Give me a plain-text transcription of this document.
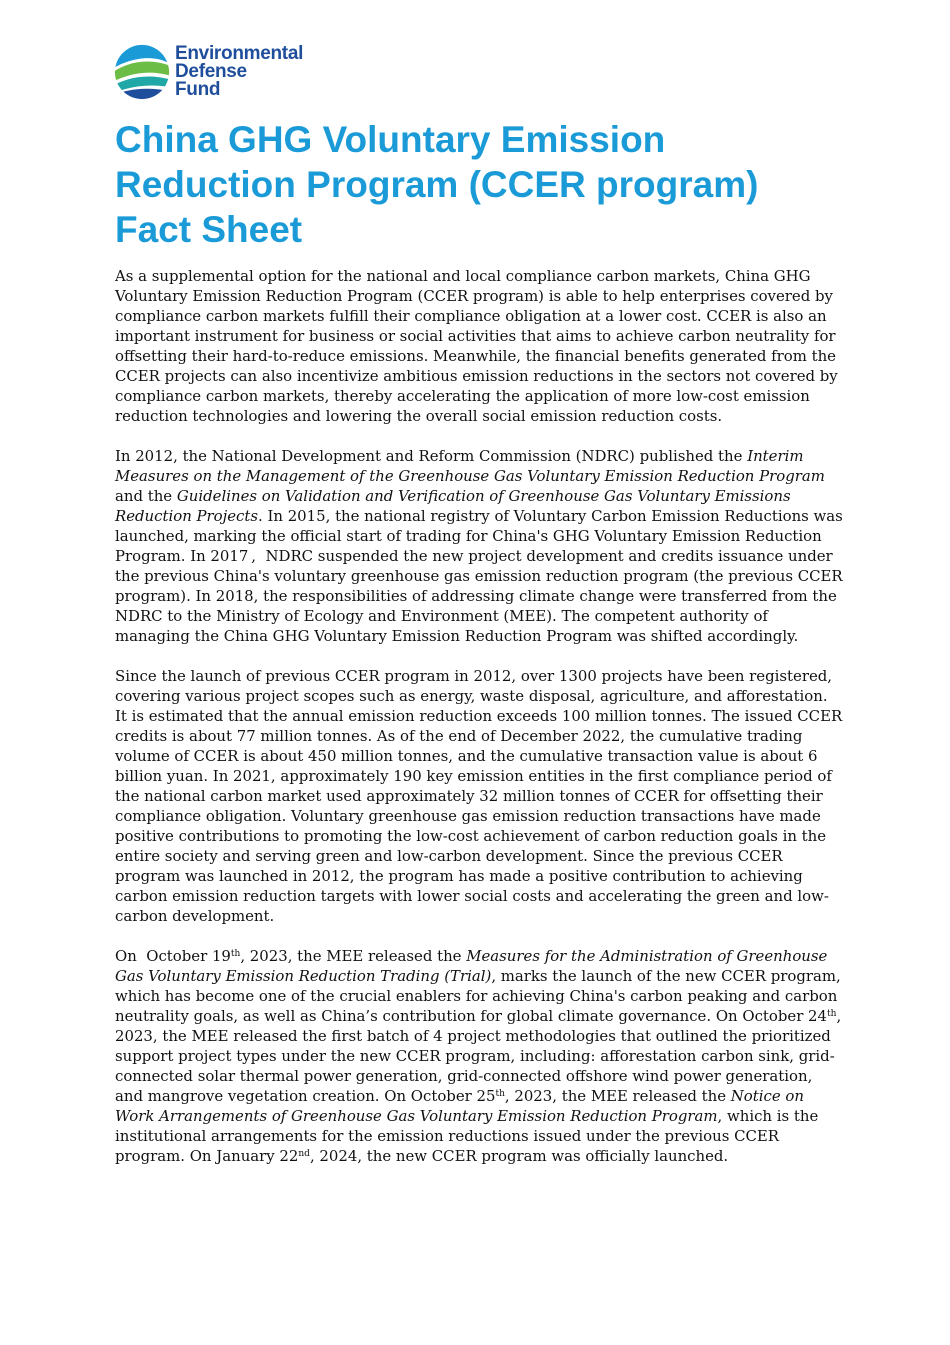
Environmental
Defense
Fund
China GHG Voluntary Emission
Reduction Program (CCER program)
Fact Sheet

As a supplemental option for the national and local compliance carbon markets, China GHG Voluntary Emission Reduction Program (CCER program) is able to help enterprises covered by compliance carbon markets fulfill their compliance obligation at a lower cost. CCER is also an important instrument for business or social activities that aims to achieve carbon neutrality for offsetting their hard-to-reduce emissions. Meanwhile, the financial benefits generated from the CCER projects can also incentivize ambitious emission reductions in the sectors not covered by compliance carbon markets, thereby accelerating the application of more low-cost emission reduction technologies and lowering the overall social emission reduction costs.

In 2012, the National Development and Reform Commission (NDRC) published the Interim Measures on the Management of the Greenhouse Gas Voluntary Emission Reduction Program and the Guidelines on Validation and Verification of Greenhouse Gas Voluntary Emissions Reduction Projects. In 2015, the national registry of Voluntary Carbon Emission Reductions was launched, marking the official start of trading for China's GHG Voluntary Emission Reduction Program. In 2017 ,  NDRC suspended the new project development and credits issuance under the previous China's voluntary greenhouse gas emission reduction program (the previous CCER program). In 2018, the responsibilities of addressing climate change were transferred from the NDRC to the Ministry of Ecology and Environment (MEE). The competent authority of managing the China GHG Voluntary Emission Reduction Program was shifted accordingly.

Since the launch of previous CCER program in 2012, over 1300 projects have been registered, covering various project scopes such as energy, waste disposal, agriculture, and afforestation. It is estimated that the annual emission reduction exceeds 100 million tonnes. The issued CCER credits is about 77 million tonnes. As of the end of December 2022, the cumulative trading volume of CCER is about 450 million tonnes, and the cumulative transaction value is about 6 billion yuan. In 2021, approximately 190 key emission entities in the first compliance period of the national carbon market used approximately 32 million tonnes of CCER for offsetting their compliance obligation. Voluntary greenhouse gas emission reduction transactions have made positive contributions to promoting the low-cost achievement of carbon reduction goals in the entire society and serving green and low-carbon development. Since the previous CCER program was launched in 2012, the program has made a positive contribution to achieving carbon emission reduction targets with lower social costs and accelerating the green and low-carbon development.

On  October 19th, 2023, the MEE released the Measures for the Administration of Greenhouse Gas Voluntary Emission Reduction Trading (Trial), marks the launch of the new CCER program, which has become one of the crucial enablers for achieving China's carbon peaking and carbon neutrality goals, as well as China’s contribution for global climate governance. On October 24th, 2023, the MEE released the first batch of 4 project methodologies that outlined the prioritized support project types under the new CCER program, including: afforestation carbon sink, grid-connected solar thermal power generation, grid-connected offshore wind power generation, and mangrove vegetation creation. On October 25th, 2023, the MEE released the Notice on Work Arrangements of Greenhouse Gas Voluntary Emission Reduction Program, which is the institutional arrangements for the emission reductions issued under the previous CCER program. On January 22nd, 2024, the new CCER program was officially launched.
